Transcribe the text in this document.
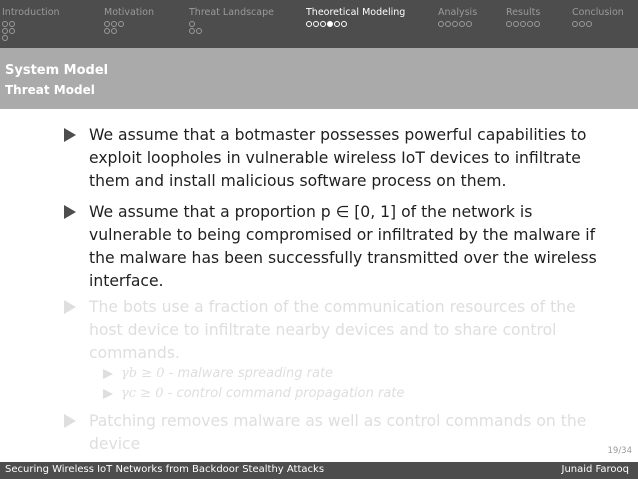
Introduction	Motivation	Threat Landscape	Theoretical Modeling	Analysis	Results	Conclusion
System Model
Threat Model
We assume that a botmaster possesses powerful capabilities to exploit loopholes in vulnerable wireless IoT devices to infiltrate them and install malicious software process on them.
We assume that a proportion p ∈ [0, 1] of the network is vulnerable to being compromised or infiltrated by the malware if the malware has been successfully transmitted over the wireless interface.
The bots use a fraction of the communication resources of the host device to infiltrate nearby devices and to share control commands.
γb ≥ 0 - malware spreading rate
γc ≥ 0 - control command propagation rate
Patching removes malware as well as control commands on the device	19/34
Securing Wireless IoT Networks from Backdoor Stealthy Attacks	Junaid Farooq
